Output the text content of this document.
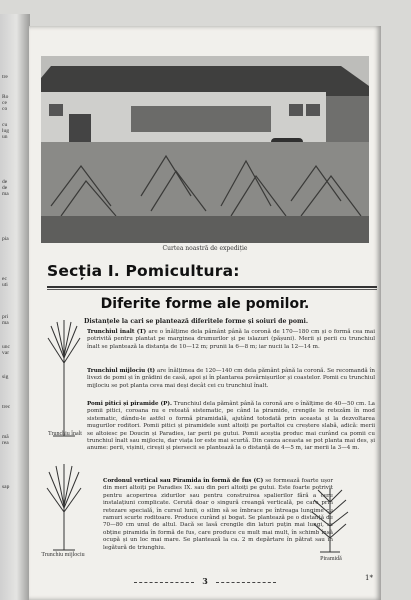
tre
Ro
ce
co
cu
lug
un
de
de
ma
pia
ec
uti
pri
ma
unc
var
sig
trec
mă
rea
sap
Curtea noastră de expediție
Secția I. Pomicultura:
Diferite forme ale pomilor.
Distanțele la cari se plantează diferitele forme și soiuri de pomi.

Trunchiul înalt (T) are o înălțime dela pământ până la coronă de 170—180 cm și o formă cea mai potrivită pentru plantat pe marginea drumurilor și pe islazuri (pășuni). Merii și perii cu trunchiul înalt se plantează la distanța de 10—12 m; prunii la 6—8 m; iar nucii la 12—14 m.

Trunchiul mijlociu (t) are înălțimea de 120—140 cm dela pământ până la coronă. Se recomandă în livezi de pomi și în grădini de casă, apoi și în plantarea povârnișurilor și coastelor. Pomii cu trunchiul mijlociu se pot planta ceva mai deși decât cei cu trunchiul înalt.

Pomi pitici și piramide (P). Trunchiul dela pământ până la coronă are o înălțime de 40—50 cm. La pomii pitici, coroana nu e reteată sistematic, pe când la piramide, crengile le retezăm în mod sistematic, dându-le astfel o formă piramidală, ajutând totodată prin aceasta și la dezvoltarea mugurilor roditori. Pomii pitici și piramidele sunt altoiți pe portaltoi cu creștere slabă, adică: merii se altoiesc pe Doucin și Paradies, iar perii pe gutui. Pomii aceștia produc mai curând ca pomii cu trunchiul înalt sau mijlociu, dar viața lor este mai scurtă. Din cauza aceasta se pot planta mai des, și anume: perii, vișinii, cireșii și piersecii se plantează la o distanță de 4—5 m, iar merii la 3—4 m.

Cordonul vertical sau Piramida în formă de fus (C) se formează foarte ușor din meri altoiți pe Paradies IX. sau din peri altoiți pe gutui. Este foarte potrivit pentru acoperirea zidurilor sau pentru construirea spalierilor fără a cere instalațiuni complicate. Cerută doar o singură creangă verticală, pe care prin retezare specială, în cursul lunii, o silim să se îmbrace pe întreaga lungime cu ramuri scurte roditoare. Produce curând și bogat. Se plantează pe o distanță de 70—80 cm unul de altul. Dacă se lasă crengile din laturi puțin mai lungi, se obține piramida în formă de fus, care produce cu mult mai mult, în schimb însă ocupă și un loc mai mare. Se plantează la ca. 2 m depărtare în pătrat sau în legătură de triunghiu.

Trunchiu înalt
Trunchiu mijlociu
Piramidă
3	1*
